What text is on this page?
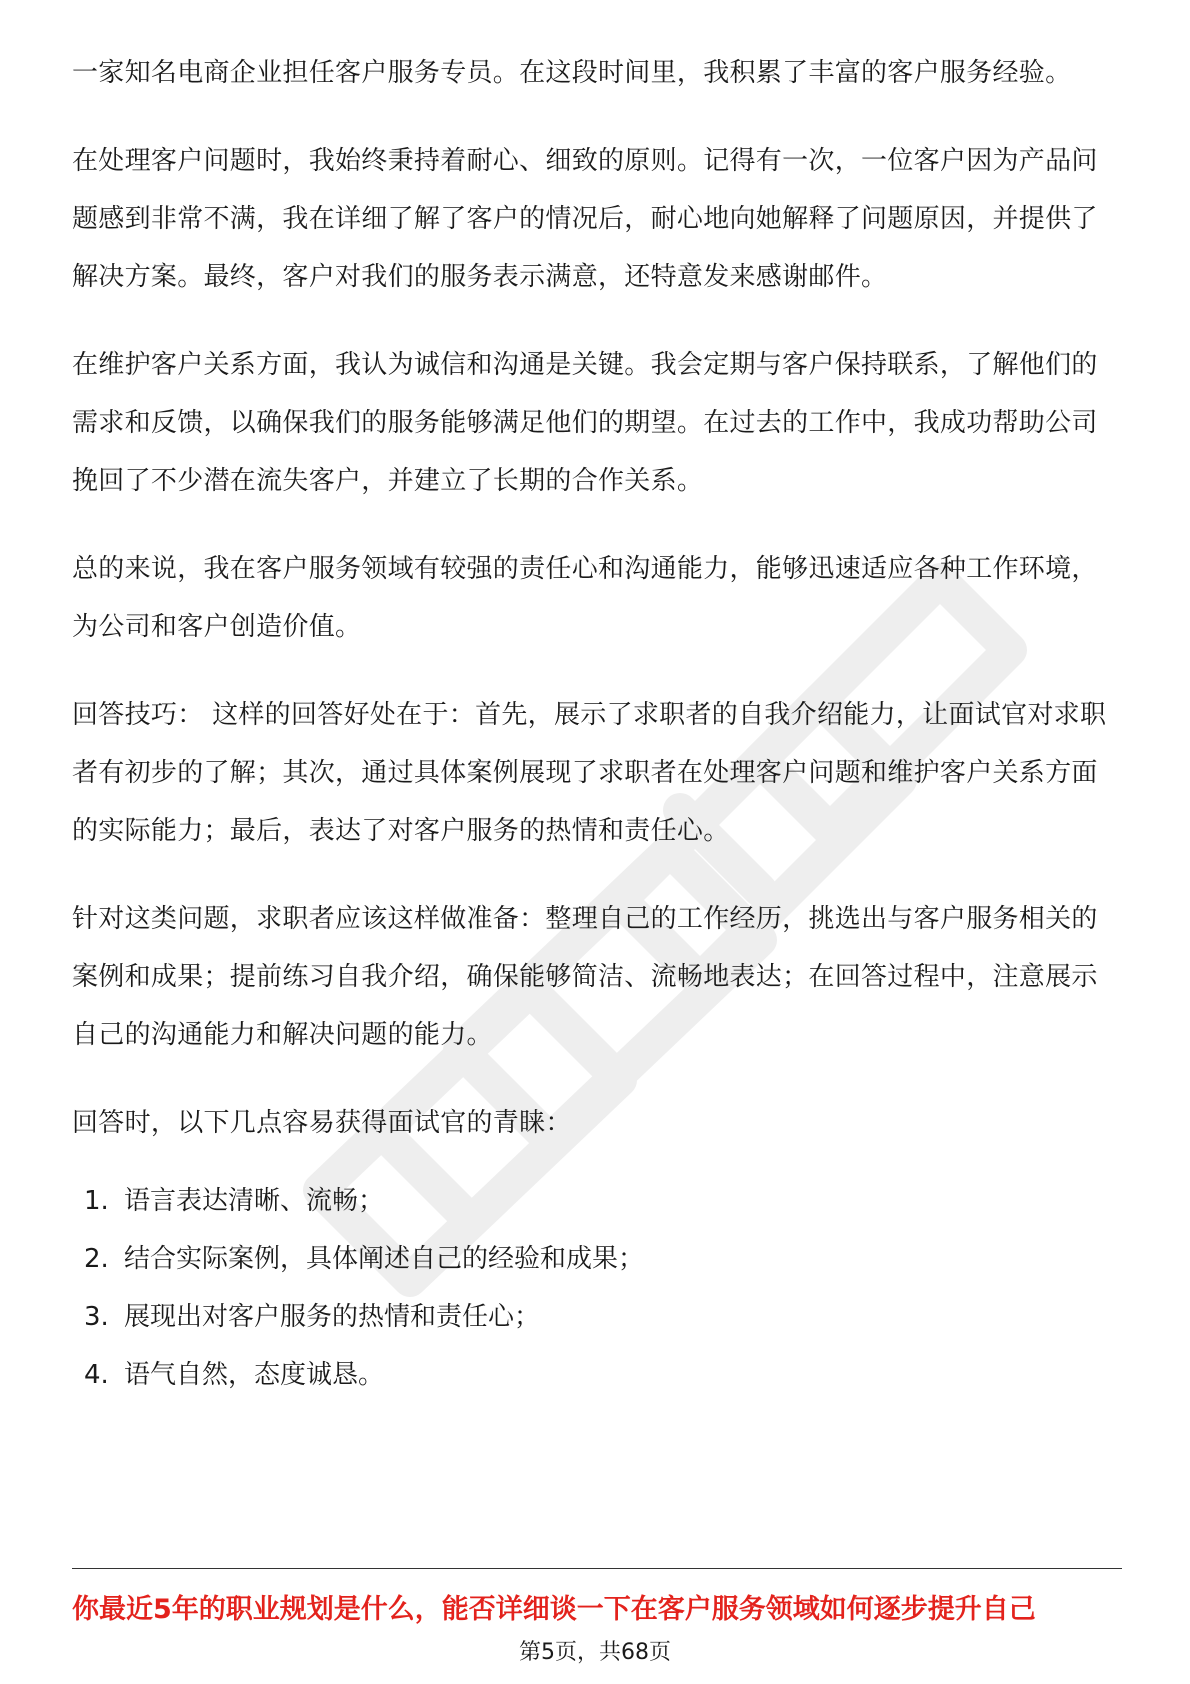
一家知名电商企业担任客户服务专员。在这段时间里，我积累了丰富的客户服务经验。

在处理客户问题时，我始终秉持着耐心、细致的原则。记得有一次，一位客户因为产品问题感到非常不满，我在详细了解了客户的情况后，耐心地向她解释了问题原因，并提供了解决方案。最终，客户对我们的服务表示满意，还特意发来感谢邮件。

在维护客户关系方面，我认为诚信和沟通是关键。我会定期与客户保持联系，了解他们的需求和反馈，以确保我们的服务能够满足他们的期望。在过去的工作中，我成功帮助公司挽回了不少潜在流失客户，并建立了长期的合作关系。

总的来说，我在客户服务领域有较强的责任心和沟通能力，能够迅速适应各种工作环境，为公司和客户创造价值。

回答技巧： 这样的回答好处在于：首先，展示了求职者的自我介绍能力，让面试官对求职者有初步的了解；其次，通过具体案例展现了求职者在处理客户问题和维护客户关系方面的实际能力；最后，表达了对客户服务的热情和责任心。

针对这类问题，求职者应该这样做准备：整理自己的工作经历，挑选出与客户服务相关的案例和成果；提前练习自我介绍，确保能够简洁、流畅地表达；在回答过程中，注意展示自己的沟通能力和解决问题的能力。

回答时，以下几点容易获得面试官的青睐：

1. 语言表达清晰、流畅；
2. 结合实际案例，具体阐述自己的经验和成果；
3. 展现出对客户服务的热情和责任心；
4. 语气自然，态度诚恳。
你最近5年的职业规划是什么，能否详细谈一下在客户服务领域如何逐步提升自己
第5页，共68页
